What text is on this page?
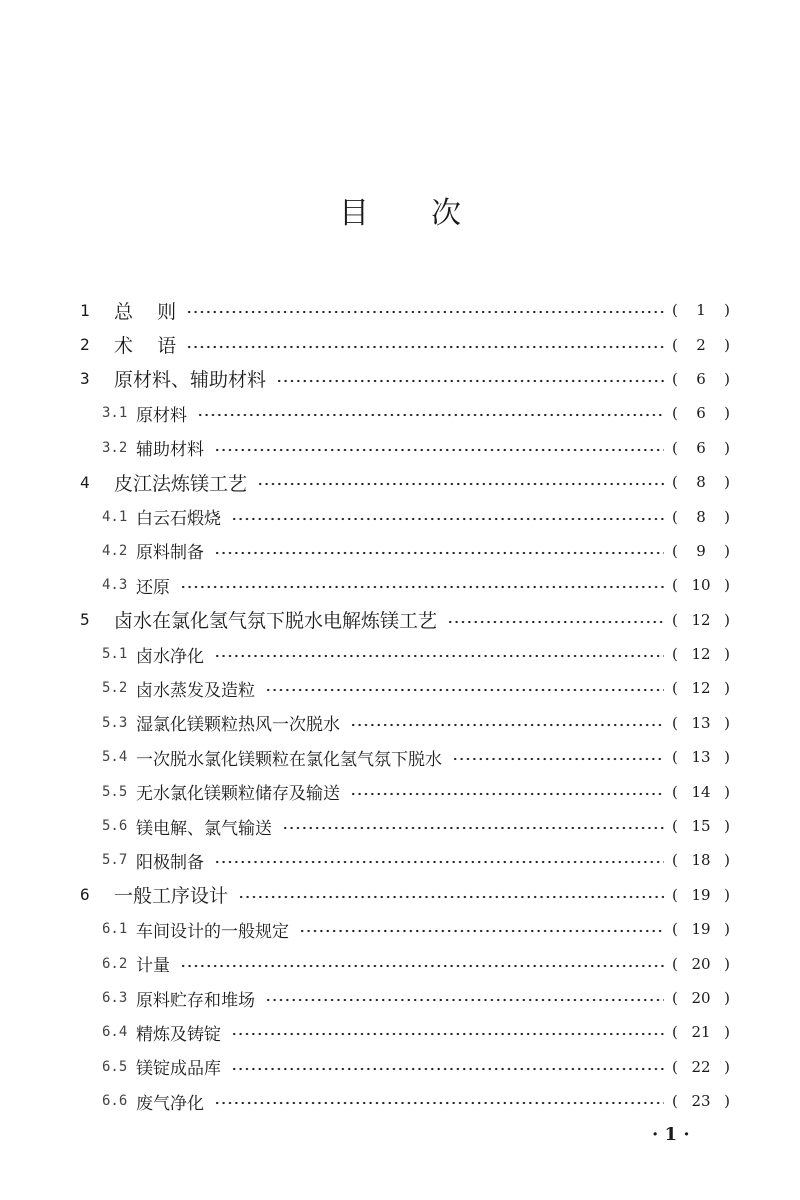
目次
1	总    则	( 1 )
2	术    语	( 2 )
3	原材料、辅助材料	( 6 )
3.1 原材料	( 6 )
3.2 辅助材料	( 6 )
4	皮江法炼镁工艺	( 8 )
4.1 白云石煅烧	( 8 )
4.2 原料制备	( 9 )
4.3 还原	( 10 )
5	卤水在氯化氢气氛下脱水电解炼镁工艺	( 12 )
5.1 卤水净化	( 12 )
5.2 卤水蒸发及造粒	( 12 )
5.3 湿氯化镁颗粒热风一次脱水	( 13 )
5.4 一次脱水氯化镁颗粒在氯化氢气氛下脱水	( 13 )
5.5 无水氯化镁颗粒储存及输送	( 14 )
5.6 镁电解、氯气输送	( 15 )
5.7 阳极制备	( 18 )
6	一般工序设计	( 19 )
6.1 车间设计的一般规定	( 19 )
6.2 计量	( 20 )
6.3 原料贮存和堆场	( 20 )
6.4 精炼及铸锭	( 21 )
6.5 镁锭成品库	( 22 )
6.6 废气净化	( 23 )
· 1 ·
